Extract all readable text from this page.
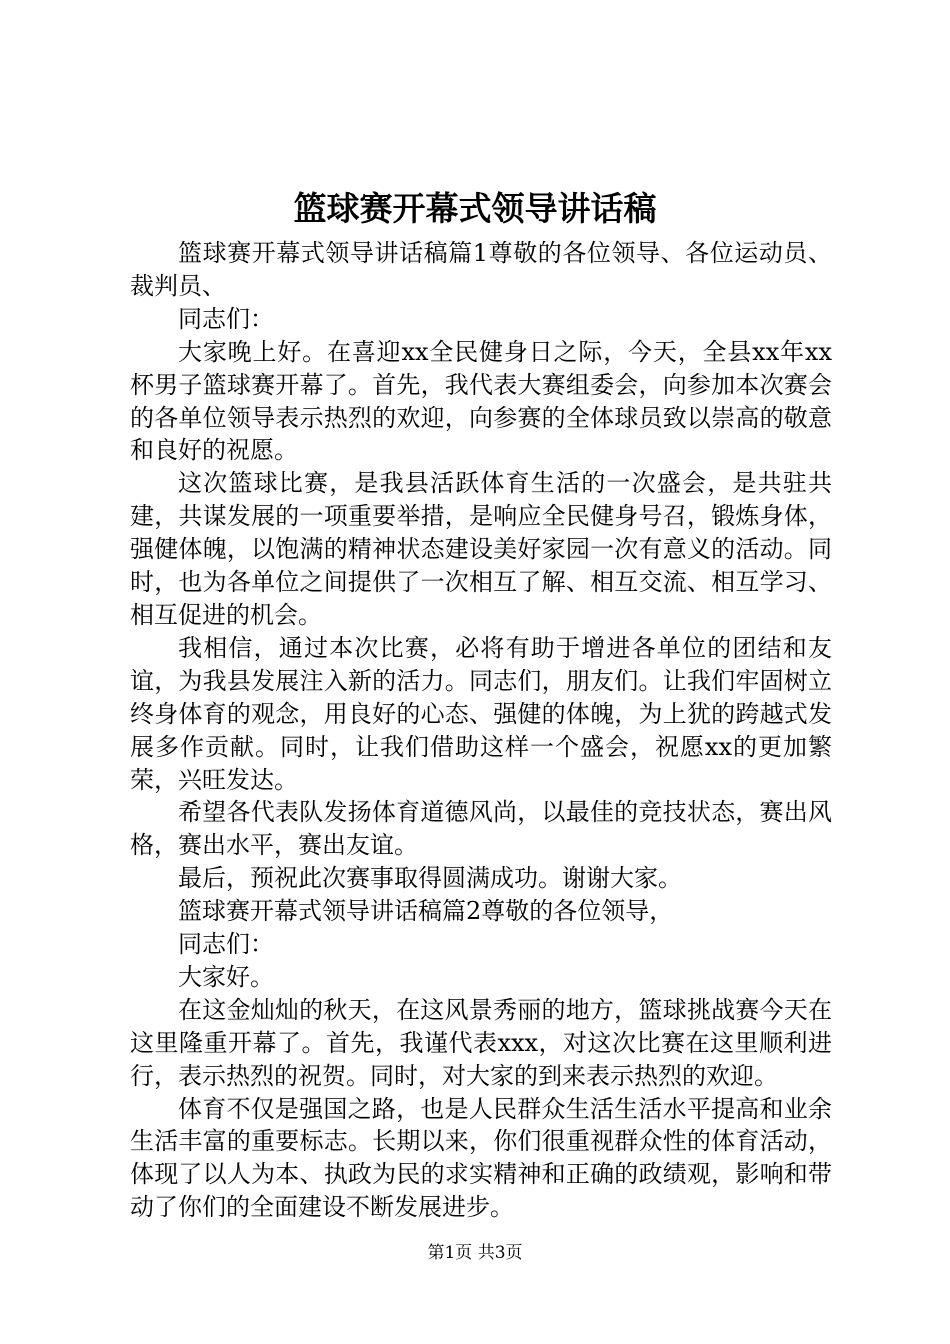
篮球赛开幕式领导讲话稿

篮球赛开幕式领导讲话稿篇1尊敬的各位领导、各位运动员、裁判员、

同志们：

大家晚上好。在喜迎xx全民健身日之际，今天，全县xx年xx杯男子篮球赛开幕了。首先，我代表大赛组委会，向参加本次赛会的各单位领导表示热烈的欢迎，向参赛的全体球员致以崇高的敬意和良好的祝愿。

这次篮球比赛，是我县活跃体育生活的一次盛会，是共驻共建，共谋发展的一项重要举措，是响应全民健身号召，锻炼身体，强健体魄，以饱满的精神状态建设美好家园一次有意义的活动。同时，也为各单位之间提供了一次相互了解、相互交流、相互学习、相互促进的机会。

我相信，通过本次比赛，必将有助于增进各单位的团结和友谊，为我县发展注入新的活力。同志们，朋友们。让我们牢固树立终身体育的观念，用良好的心态、强健的体魄，为上犹的跨越式发展多作贡献。同时，让我们借助这样一个盛会，祝愿xx的更加繁荣，兴旺发达。

希望各代表队发扬体育道德风尚，以最佳的竞技状态，赛出风格，赛出水平，赛出友谊。

最后，预祝此次赛事取得圆满成功。谢谢大家。

篮球赛开幕式领导讲话稿篇2尊敬的各位领导，

同志们：

大家好。

在这金灿灿的秋天，在这风景秀丽的地方，篮球挑战赛今天在这里隆重开幕了。首先，我谨代表xxx，对这次比赛在这里顺利进行，表示热烈的祝贺。同时，对大家的到来表示热烈的欢迎。

体育不仅是强国之路，也是人民群众生活生活水平提高和业余生活丰富的重要标志。长期以来，你们很重视群众性的体育活动，体现了以人为本、执政为民的求实精神和正确的政绩观，影响和带动了你们的全面建设不断发展进步。

第1页 共3页
